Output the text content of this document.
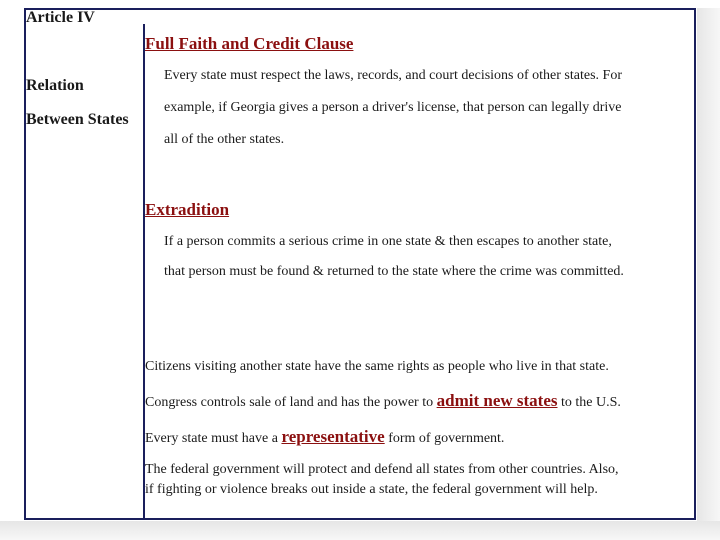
Article IV
Relation
Between States
Full Faith and Credit Clause
Every state must respect the laws, records, and court decisions of other states. For
example, if Georgia gives a person a driver's license, that person can legally drive
all of the other states.
Extradition
If a person commits a serious crime in one state & then escapes to another state,
that person must be found & returned to the state where the crime was committed.
Citizens visiting another state have the same rights as people who live in that state.
Congress controls sale of land and has the power to admit new states to the U.S.
Every state must have a representative form of government.
The federal government will protect and defend all states from other countries. Also,
if fighting or violence breaks out inside a state, the federal government will help.
